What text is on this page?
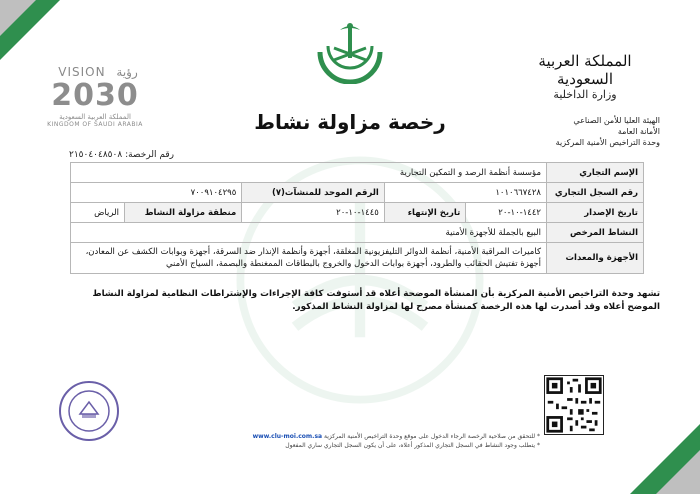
المملكة العربية السعودية
وزارة الداخلية
الهيئة العليا للأمن الصناعي
الأمانة العامة
وحدة التراخيص الأمنية المركزية
رخصة مزاولة نشاط
VISION رؤية
2030
المملكة العربية السعودية
KINGDOM OF SAUDI ARABIA
رقم الرخصة: ٢١٥٠٤٠٤٨٥٠٨
الإسم التجاري	مؤسسة أنظمة الرصد و التمكين التجارية				
رقم السجل التجاري	١٠١٠٦٦٧٤٢٨		الرقم الموحد للمنشآت(٧)	٧٠٠٩١٠٤٢٩٥	
تاريخ الإصدار	١٤٤٢-١٠-٢٠	تاريخ الإنتهاء	١٤٤٥-١٠-٢٠	منطقة مزاولة النشاط	الرياض
النشاط المرخص	البيع بالجملة للأجهزة الأمنية				
الأجهزة والمعدات	كاميرات المراقبة الأمنية، أنظمة الدوائر التليفزيونية المغلقة، أجهزة وأنظمة الإنذار ضد السرقة، أجهزة وبوابات الكشف عن المعادن، أجهزة تفتيش الحقائب والطرود، أجهزة بوابات الدخول والخروج بالبطاقات الممغنطة والبصمة، السياج الأمني				
تشهد وحدة التراخيص الأمنية المركزية بأن المنشأة الموضحة أعلاه قد أستوفت كافة الإجراءات والإشتراطات النظامية لمزاولة النشاط الموضح أعلاه وقد أصدرت لها هذه الرخصة كمنشأة مصرح لها لمزاولة النشاط المذكور.
* للتحقق من صلاحية الرخصة الرجاء الدخول على موقع وحدة التراخيص الأمنية المركزية www.clu-moi.com.sa
* يتطلب وجود النشاط في السجل التجاري المذكور أعلاه، على أن يكون السجل التجاري ساري المفعول
